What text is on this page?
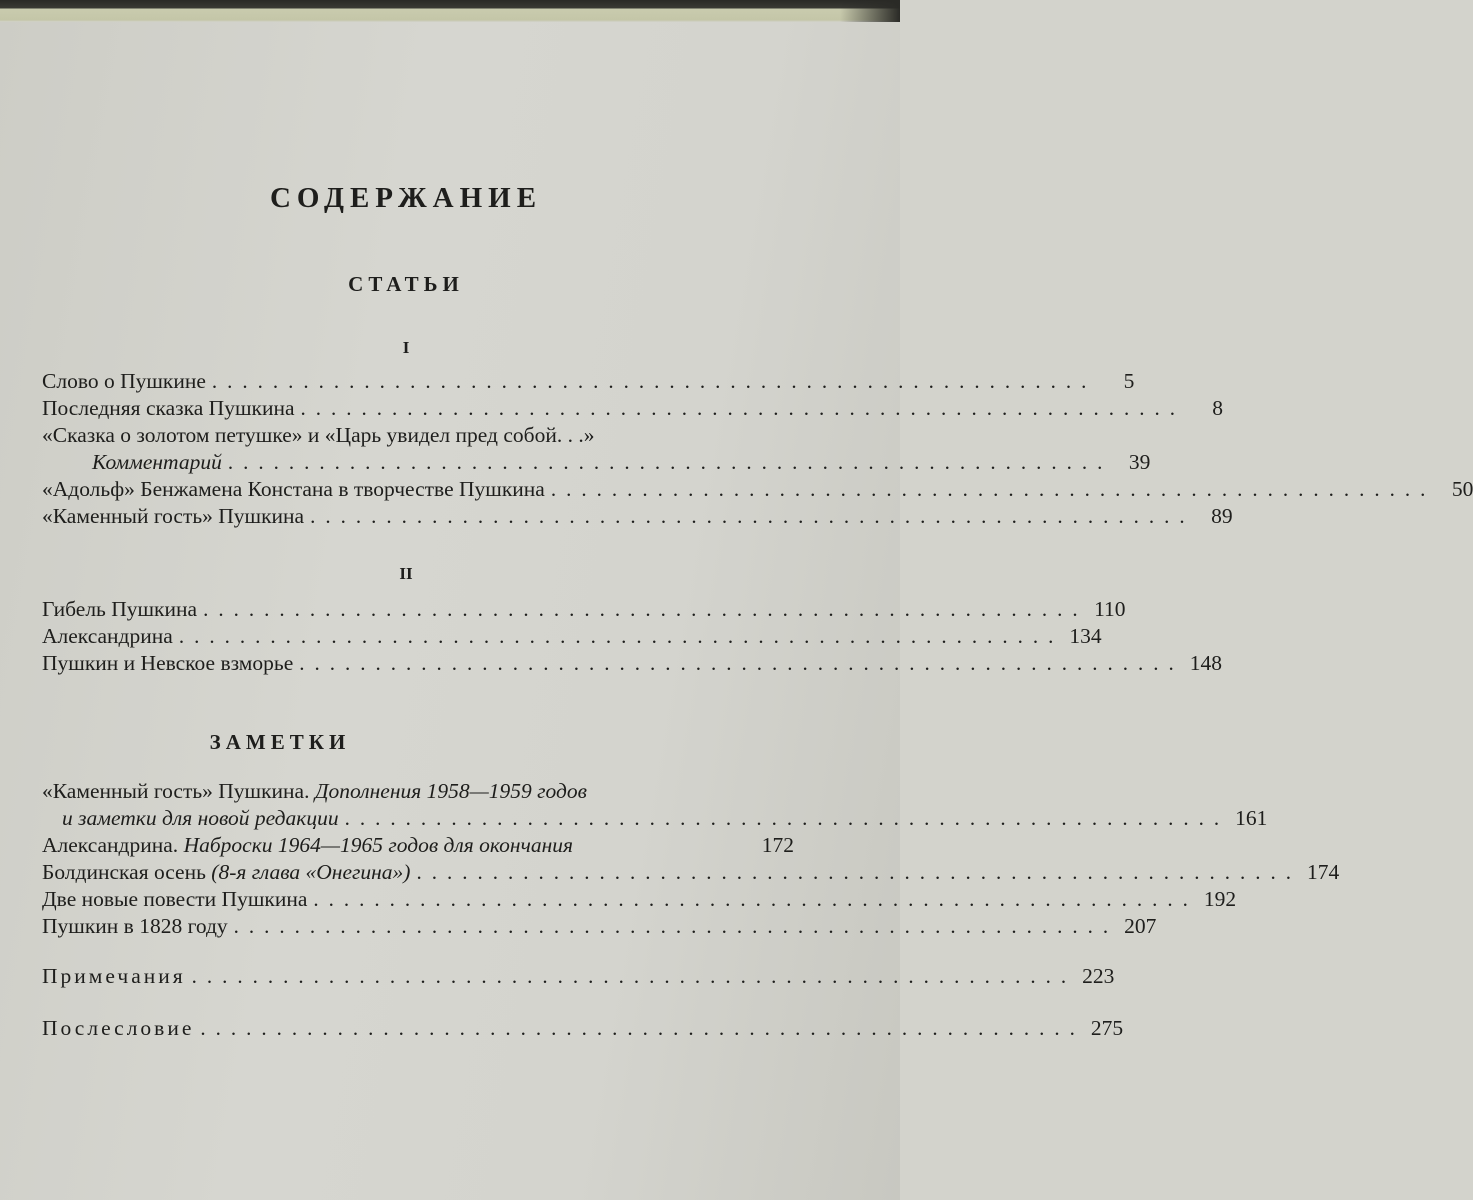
СОДЕРЖАНИЕ
СТАТЬИ
I
Слово о Пушкине ..........................................................	5
Последняя сказка Пушкина ..........................................................	8
«Сказка о золотом петушке» и «Царь увидел пред собой. . .»
Комментарий .......................................................... 39
«Адольф» Бенжамена Констана в творчестве Пушкина .......................................................... 50
«Каменный гость» Пушкина .......................................................... 89
II
Гибель Пушкина .......................................................... 110
Александрина .......................................................... 134
Пушкин и Невское взморье .......................................................... 148
ЗАМЕТКИ
«Каменный гость» Пушкина. Дополнения 1958—1959 годов
и заметки для новой редакции .......................................................... 161
Александрина. Наброски 1964—1965 годов для окончания	172
Болдинская осень (8-я глава «Онегина») .......................................................... 174
Две новые повести Пушкина .......................................................... 192
Пушкин в 1828 году .......................................................... 207
Примечания .......................................................... 223
Послесловие .......................................................... 275
